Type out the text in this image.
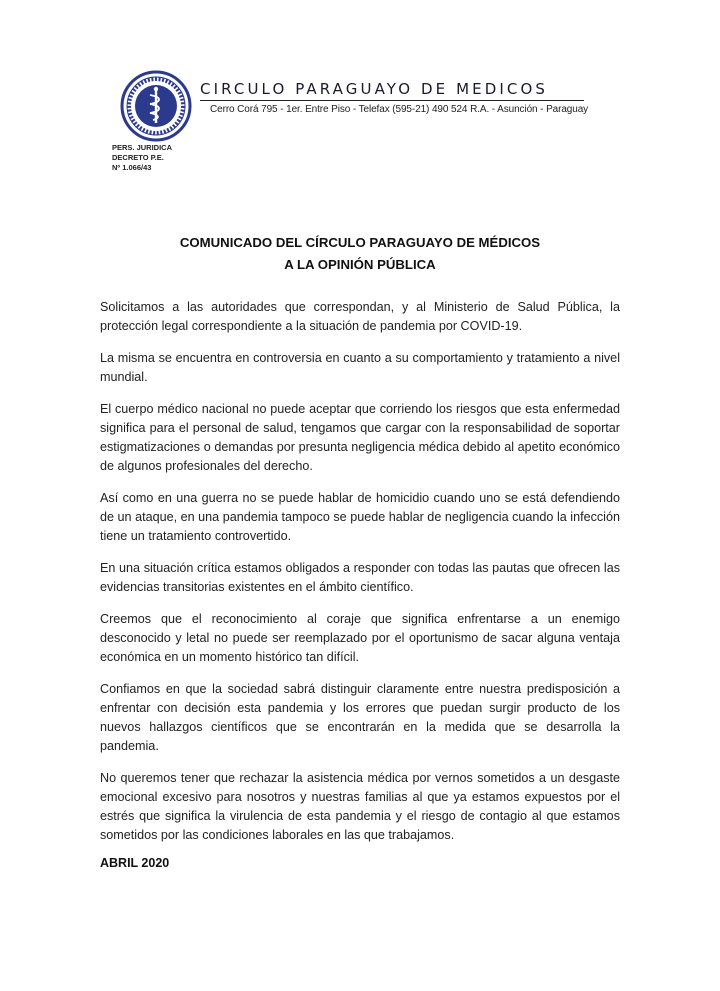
CIRCULO PARAGUAYO DE MEDICOS
Cerro Corá 795 - 1er. Entre Piso - Telefax (595-21) 490 524 R.A. - Asunción - Paraguay
PERS. JURIDICA
DECRETO P.E.
Nº 1.066/43
COMUNICADO DEL CÍRCULO PARAGUAYO DE MÉDICOS
A LA OPINIÓN PÚBLICA

Solicitamos a las autoridades que correspondan, y al Ministerio de Salud Pública, la protección legal correspondiente a la situación de pandemia por COVID-19.

La misma se encuentra en controversia en cuanto a su comportamiento y tratamiento a nivel mundial.

El cuerpo médico nacional no puede aceptar que corriendo los riesgos que esta enfermedad significa para el personal de salud, tengamos que cargar con la responsabilidad de soportar estigmatizaciones o demandas por presunta negligencia médica debido al apetito económico de algunos profesionales del derecho.

Así como en una guerra no se puede hablar de homicidio cuando uno se está defendiendo de un ataque, en una pandemia tampoco se puede hablar de negligencia cuando la infección tiene un tratamiento controvertido.

En una situación crítica estamos obligados a responder con todas las pautas que ofrecen las evidencias transitorias existentes en el ámbito científico.

Creemos que el reconocimiento al coraje que significa enfrentarse a un enemigo desconocido y letal no puede ser reemplazado por el oportunismo de sacar alguna ventaja económica en un momento histórico tan difícil.

Confiamos en que la sociedad sabrá distinguir claramente entre nuestra predisposición a enfrentar con decisión esta pandemia y los errores que puedan surgir producto de los nuevos hallazgos científicos que se encontrarán en la medida que se desarrolla la pandemia.

No queremos tener que rechazar la asistencia médica por vernos sometidos a un desgaste emocional excesivo para nosotros y nuestras familias al que ya estamos expuestos por el estrés que significa la virulencia de esta pandemia y el riesgo de contagio al que estamos sometidos por las condiciones laborales en las que trabajamos.

ABRIL 2020
